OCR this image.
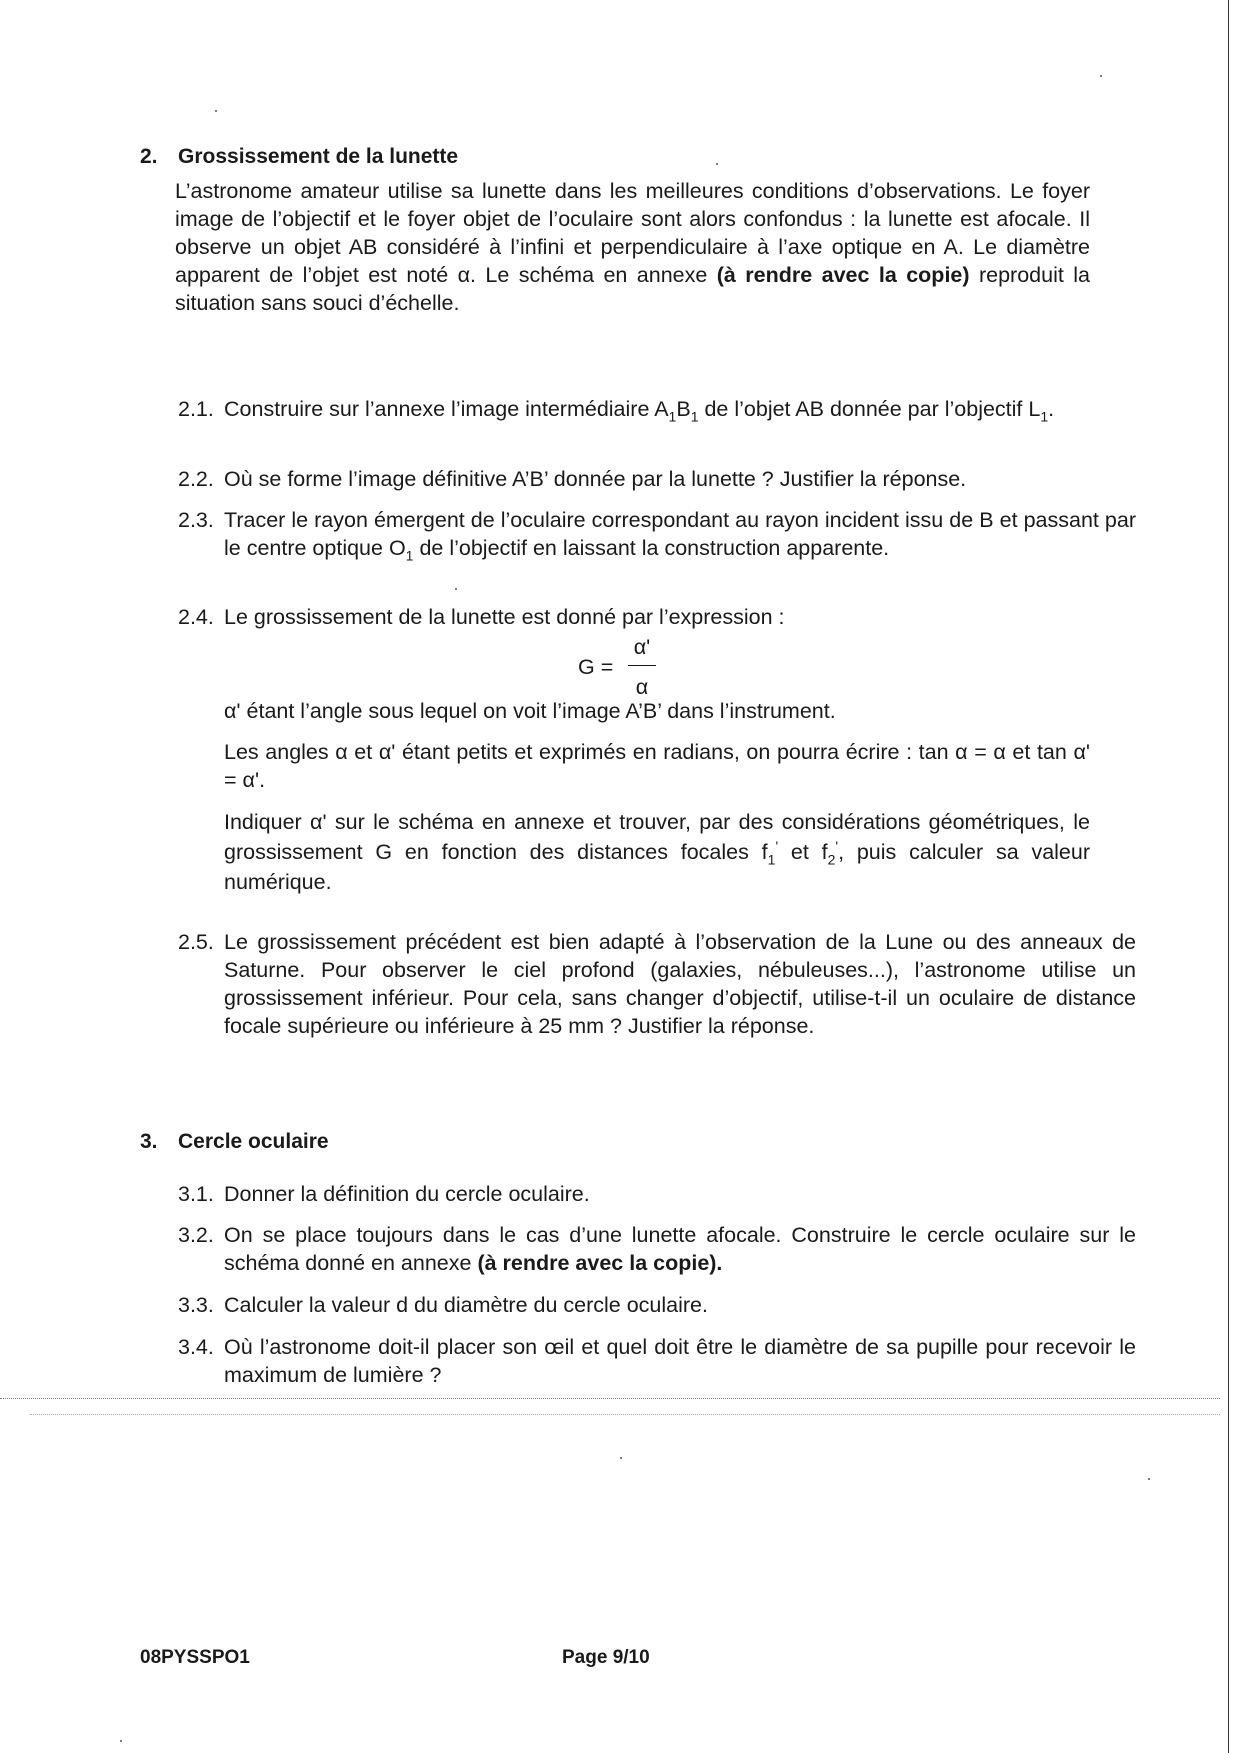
2. Grossissement de la lunette
L’astronome amateur utilise sa lunette dans les meilleures conditions d’observations. Le foyer image de l’objectif et le foyer objet de l’oculaire sont alors confondus : la lunette est afocale. Il observe un objet AB considéré à l’infini et perpendiculaire à l’axe optique en A. Le diamètre apparent de l’objet est noté α. Le schéma en annexe (à rendre avec la copie) reproduit la situation sans souci d’échelle.
2.1. Construire sur l’annexe l’image intermédiaire $A_1B_1$ de l’objet AB donnée par l’objectif $L_1$.
2.2. Où se forme l’image définitive A’B’ donnée par la lunette ? Justifier la réponse.
2.3. Tracer le rayon émergent de l’oculaire correspondant au rayon incident issu de B et passant par le centre optique $O_1$ de l’objectif en laissant la construction apparente.
2.4. Le grossissement de la lunette est donné par l’expression :
G =
α'
α
α' étant l’angle sous lequel on voit l’image A’B’ dans l’instrument.
Les angles α et α' étant petits et exprimés en radians, on pourra écrire : tan α = α et tan α' = α'.
Indiquer α' sur le schéma en annexe et trouver, par des considérations géométriques, le grossissement G en fonction des distances focales $f_1'$ et $f_2'$, puis calculer sa valeur numérique.
2.5. Le grossissement précédent est bien adapté à l’observation de la Lune ou des anneaux de Saturne. Pour observer le ciel profond (galaxies, nébuleuses...), l’astronome utilise un grossissement inférieur. Pour cela, sans changer d’objectif, utilise-t-il un oculaire de distance focale supérieure ou inférieure à 25 mm ? Justifier la réponse.
3. Cercle oculaire
3.1. Donner la définition du cercle oculaire.
3.2. On se place toujours dans le cas d’une lunette afocale. Construire le cercle oculaire sur le schéma donné en annexe (à rendre avec la copie).
3.3. Calculer la valeur d du diamètre du cercle oculaire.
3.4. Où l’astronome doit-il placer son œil et quel doit être le diamètre de sa pupille pour recevoir le maximum de lumière ?
08PYSSPO1	Page 9/10
